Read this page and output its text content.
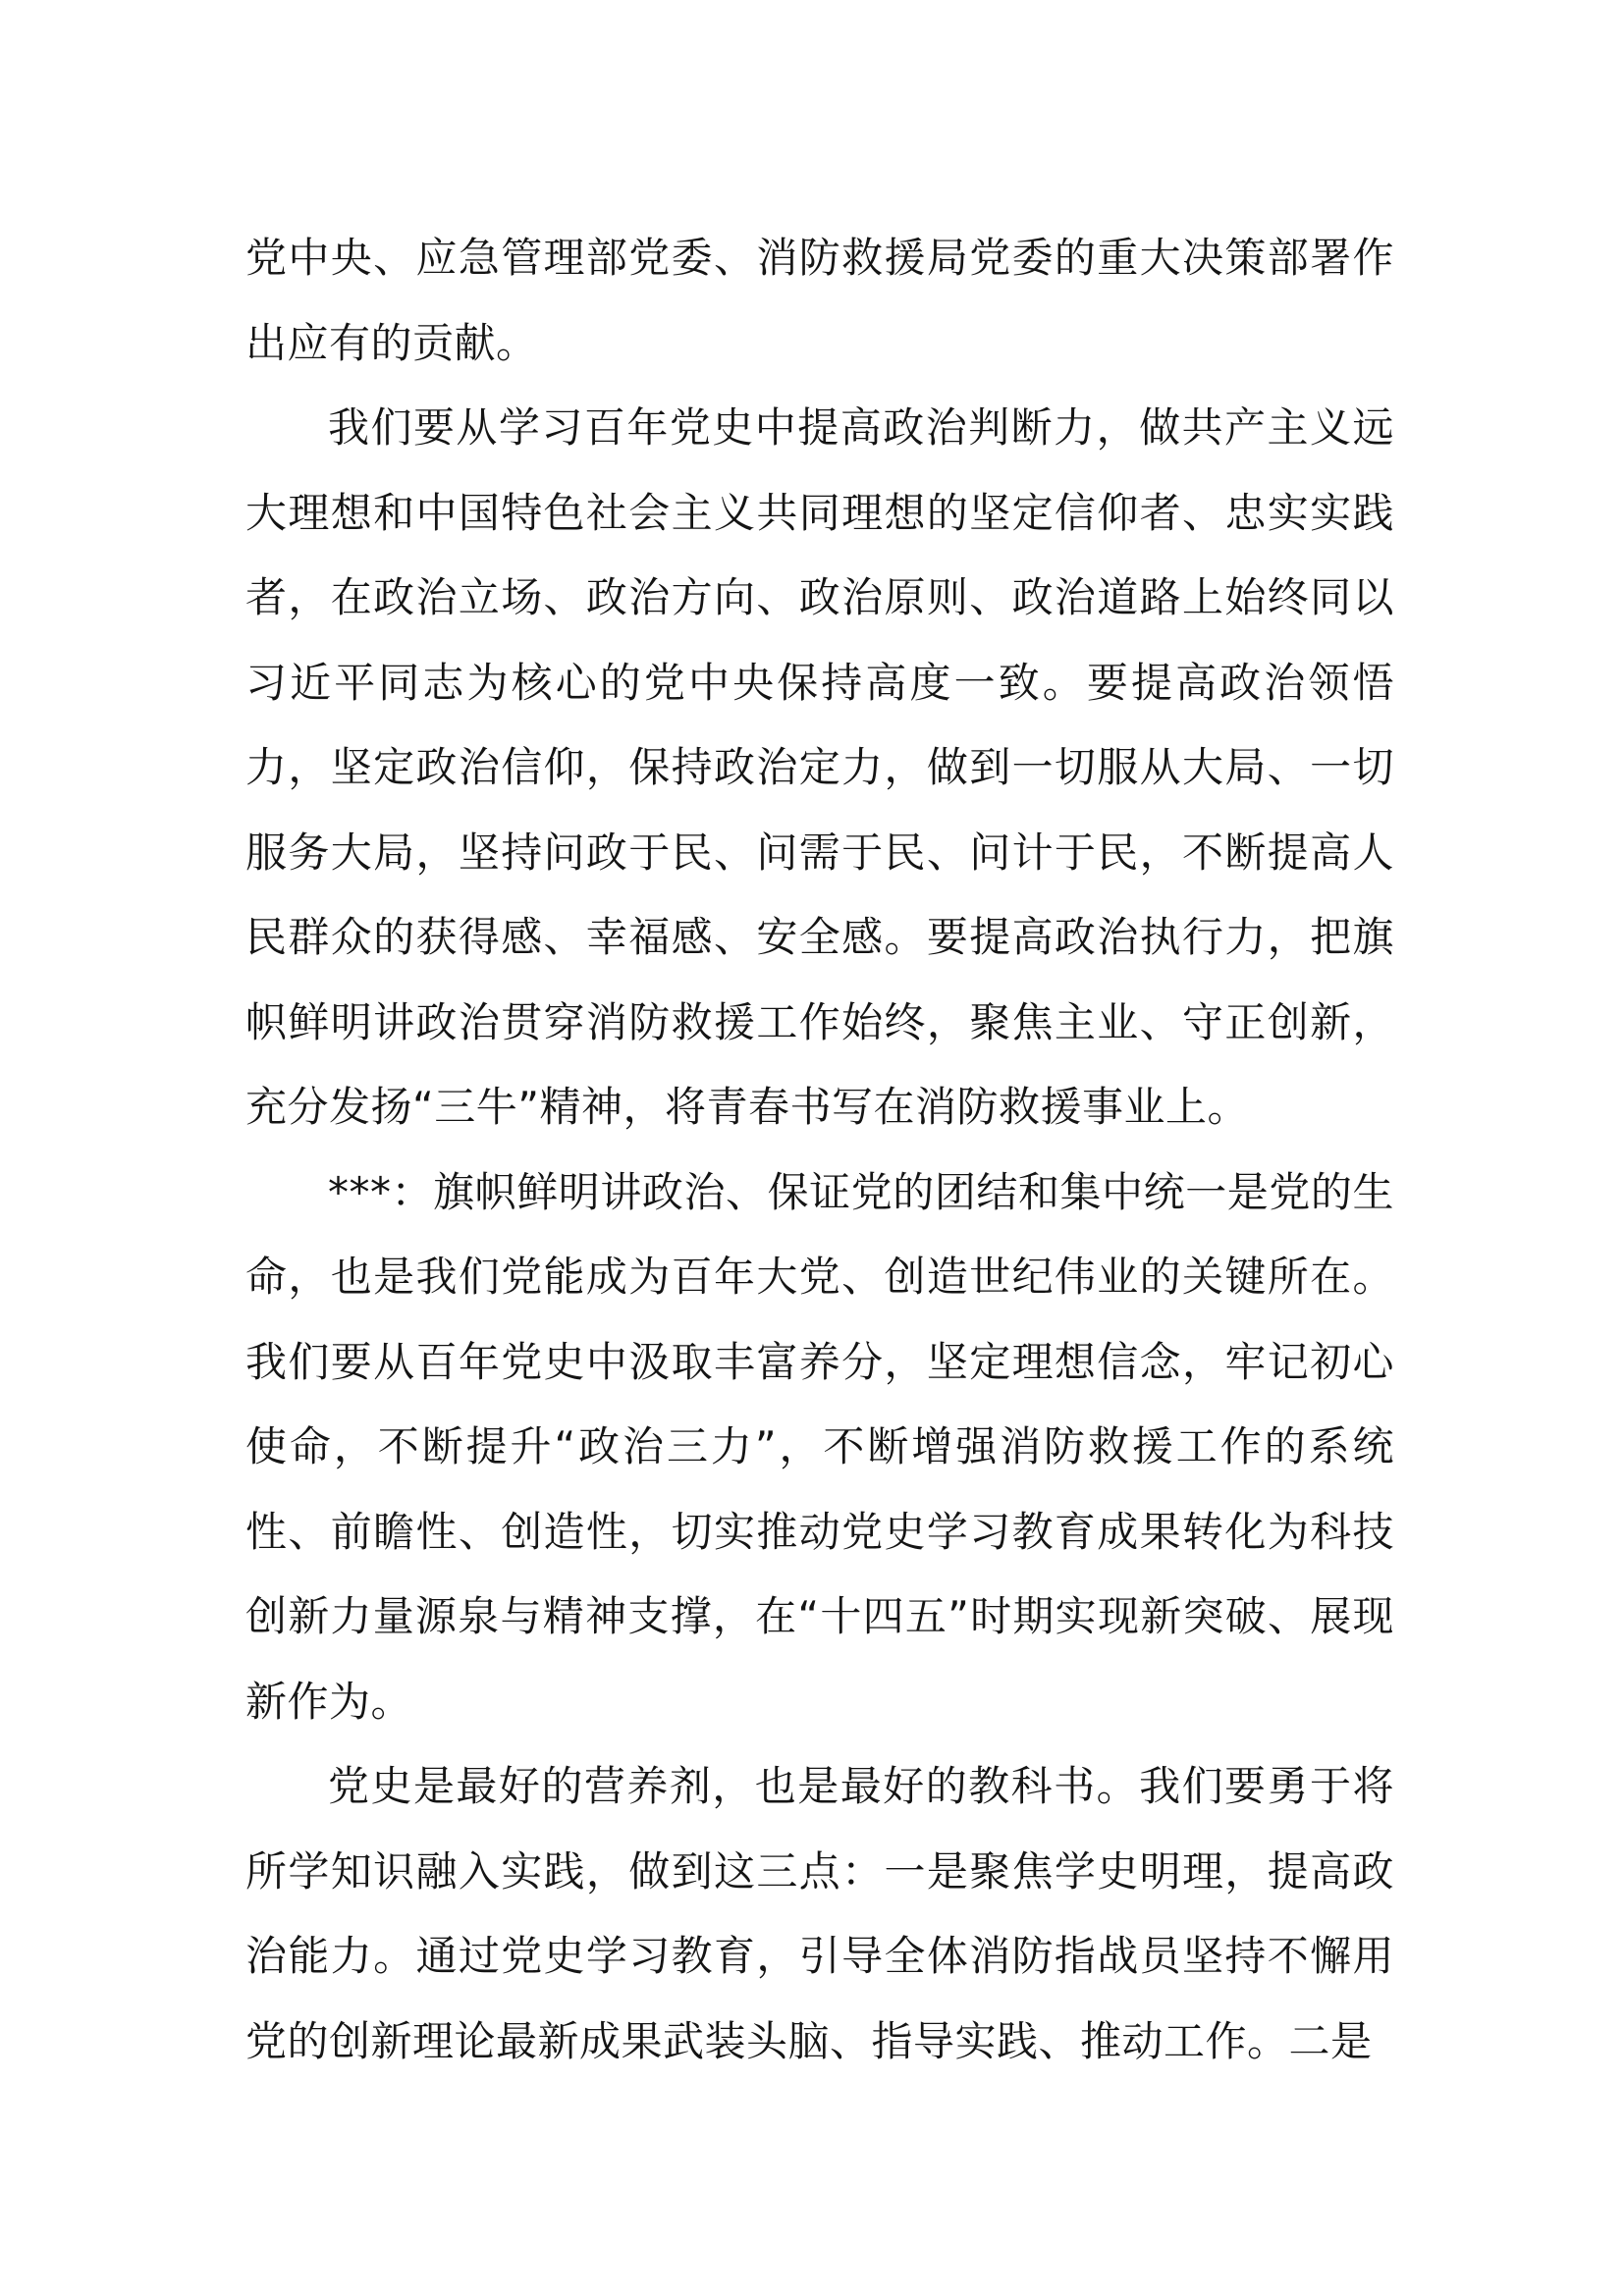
党中央、应急管理部党委、消防救援局党委的重大决策部署作出应有的贡献。

我们要从学习百年党史中提高政治判断力，做共产主义远大理想和中国特色社会主义共同理想的坚定信仰者、忠实实践者，在政治立场、政治方向、政治原则、政治道路上始终同以习近平同志为核心的党中央保持高度一致。要提高政治领悟力，坚定政治信仰，保持政治定力，做到一切服从大局、一切服务大局，坚持问政于民、问需于民、问计于民，不断提高人民群众的获得感、幸福感、安全感。要提高政治执行力，把旗帜鲜明讲政治贯穿消防救援工作始终，聚焦主业、守正创新，充分发扬“三牛”精神，将青春书写在消防救援事业上。

***：旗帜鲜明讲政治、保证党的团结和集中统一是党的生命，也是我们党能成为百年大党、创造世纪伟业的关键所在。我们要从百年党史中汲取丰富养分，坚定理想信念，牢记初心使命，不断提升“政治三力”，不断增强消防救援工作的系统性、前瞻性、创造性，切实推动党史学习教育成果转化为科技创新力量源泉与精神支撑，在“十四五”时期实现新突破、展现新作为。

党史是最好的营养剂，也是最好的教科书。我们要勇于将所学知识融入实践，做到这三点：一是聚焦学史明理，提高政治能力。通过党史学习教育，引导全体消防指战员坚持不懈用党的创新理论最新成果武装头脑、指导实践、推动工作。二是
